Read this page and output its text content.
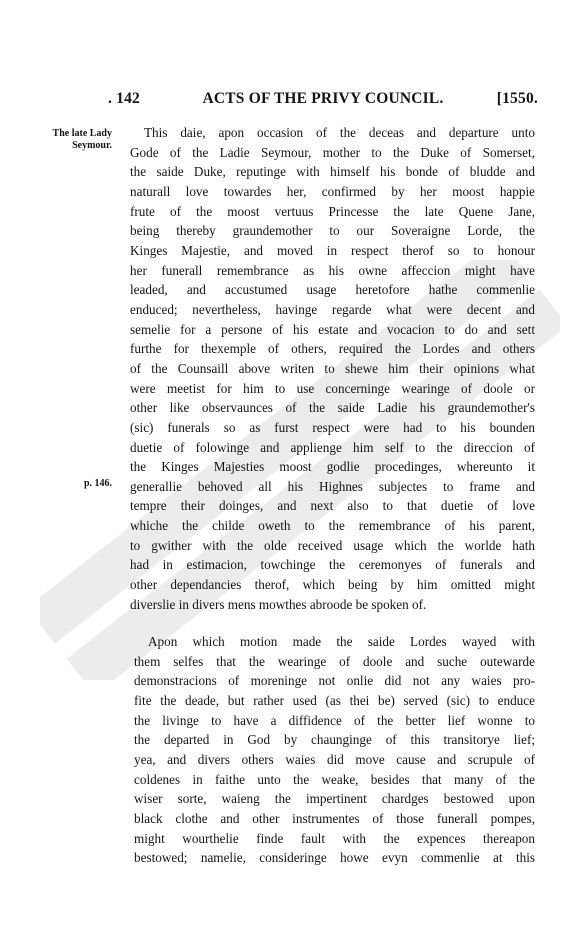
. 142	ACTS OF THE PRIVY COUNCIL.	[1550.
The late Lady
Seymour.
p. 146.
This daie, apon occasion of the deceas and departure unto
Gode of the Ladie Seymour, mother to the Duke of Somerset,
the saide Duke, reputinge with himself his bonde of bludde and
naturall love towardes her, confirmed by her moost happie
frute of the moost vertuus Princesse the late Quene Jane,
being thereby graundemother to our Soveraigne Lorde, the
Kinges Majestie, and moved in respect therof so to honour
her funerall remembrance as his owne affeccion might have
leaded, and accustumed usage heretofore hathe commenlie
enduced; nevertheless, havinge regarde what were decent and
semelie for a persone of his estate and vocacion to do and sett
furthe for thexemple of others, required the Lordes and others
of the Counsaill above writen to shewe him their opinions what
were meetist for him to use concerninge wearinge of doole or
other like observaunces of the saide Ladie his graundemother's
(sic) funerals so as furst respect were had to his bounden
duetie of folowinge and applienge him self to the direccion of
the Kinges Majesties moost godlie procedinges, whereunto it
generallie behoved all his Highnes subjectes to frame and
tempre their doinges, and next also to that duetie of love
whiche the childe oweth to the remembrance of his parent,
to gwither with the olde received usage which the worlde hath
had in estimacion, towchinge the ceremonyes of funerals and
other dependancies therof, which being by him omitted might
diverslie in divers mens mowthes abroode be spoken of.
Apon which motion made the saide Lordes wayed with
them selfes that the wearinge of doole and suche outewarde
demonstracions of moreninge not onlie did not any waies pro-
fite the deade, but rather used (as thei be) served (sic) to enduce
the livinge to have a diffidence of the better lief wonne to
the departed in God by chaunginge of this transitorye lief;
yea, and divers others waies did move cause and scrupule of
coldenes in faithe unto the weake, besides that many of the
wiser sorte, waieng the impertinent chardges bestowed upon
black clothe and other instrumentes of those funerall pompes,
might wourthelie finde fault with the expences thereapon
bestowed; namelie, consideringe howe evyn commenlie at this
